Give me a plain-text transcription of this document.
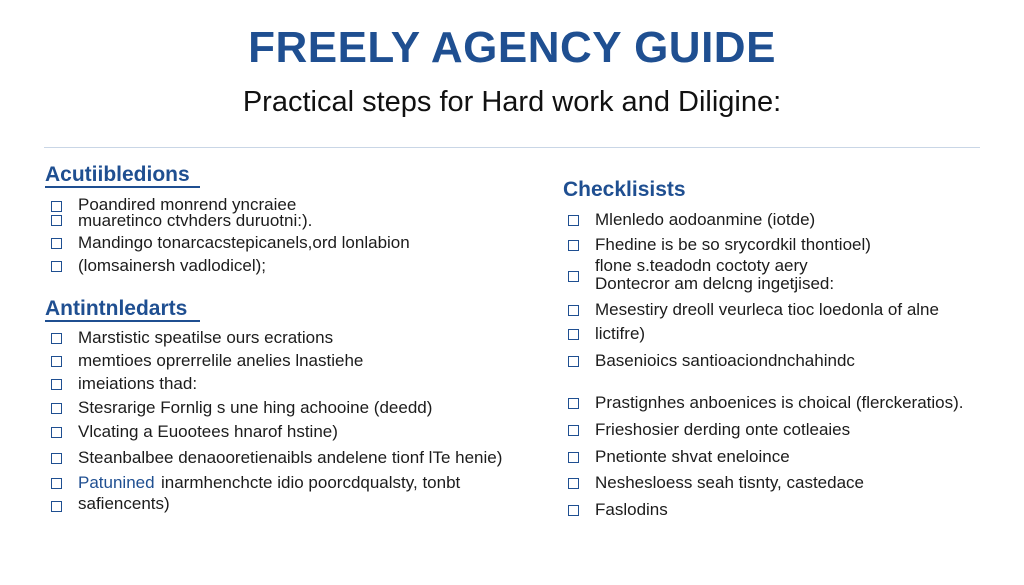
FREELY AGENCY GUIDE
Practical steps for Hard work and Diligine:
Acutiibledions
Poandired monrend yncraiee
muaretinco ctvhders duruotni:).
Mandingo tonarcacstepicanels,ord lonlabion
(lomsainersh vadlodicel);
Antintnledarts
Marstistic speatilse ours ecrations
memtioes oprerrelile anelies lnastiehe
imeiations thad:
Stesrarige Fornlig s une hing achooine (deedd)
Vlcating a Euootees hnarof hstine)
Steanbalbee denaooretienaibls andelene tionf lTe henie)
Patunined inarmhenchcte idio poorcdqualsty, tonbt
safiencents)
Checklisists
Mlenledo aodoanmine (iotde)
Fhedine is be so srycordkil thontioel)
flone s.teadodn coctoty aery
Dontecror am delcng ingetjised:
Mesestiry dreoll veurleca tioc loedonla of alne
lictifre)
Basenioics santioaciondnchahindc
Prastignhes anboenices is choical (flerckeratios).
Frieshosier derding onte cotleaies
Pnetionte shvat eneloince
Neshesloess seah tisnty, castedace
Faslodins
